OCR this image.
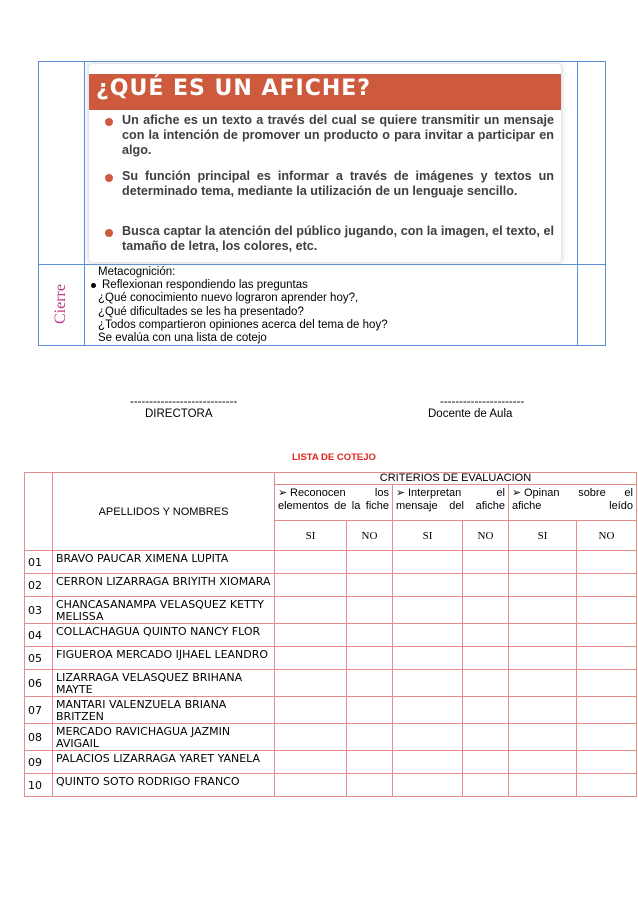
¿QUÉ ES UN AFICHE?
Un afiche es un texto a través del cual se quiere transmitir un mensaje con la intención de promover un producto o para invitar a participar en algo.
Su función principal es informar a través de imágenes y textos un determinado tema, mediante la utilización de un lenguaje sencillo.
Busca captar la atención del público jugando, con la imagen, el texto, el tamaño de letra, los colores, etc.
Cierre
Metacognición:
Reflexionan respondiendo las preguntas
¿Qué conocimiento nuevo lograron aprender hoy?,
¿Qué dificultades se les ha presentado?
¿Todos compartieron opiniones acerca del tema de hoy?
Se evalúa con una lista de cotejo
----------------------------
DIRECTORA
----------------------
Docente de Aula
LISTA DE COTEJO
	APELLIDOS Y NOMBRES	CRITERIOS DE EVALUACION					

		➢ Reconocen los elementos de la fiche		➢ Interpretan el mensaje del afiche		➢ Opinan sobre el afiche leído	

		SI	NO	SI	NO	SI	NO
01	BRAVO PAUCAR XIMENA LUPITA						
02	CERRON LIZARRAGA BRIYITH XIOMARA						
03	CHANCASANAMPA VELASQUEZ KETTY MELISSA						
04	COLLACHAGUA QUINTO NANCY FLOR						
05	FIGUEROA MERCADO IJHAEL LEANDRO						
06	LIZARRAGA VELASQUEZ BRIHANA MAYTE						
07	MANTARI VALENZUELA BRIANA BRITZEN						
08	MERCADO RAVICHAGUA JAZMIN AVIGAIL						
09	PALACIOS LIZARRAGA YARET YANELA						
10	QUINTO SOTO RODRIGO FRANCO						
